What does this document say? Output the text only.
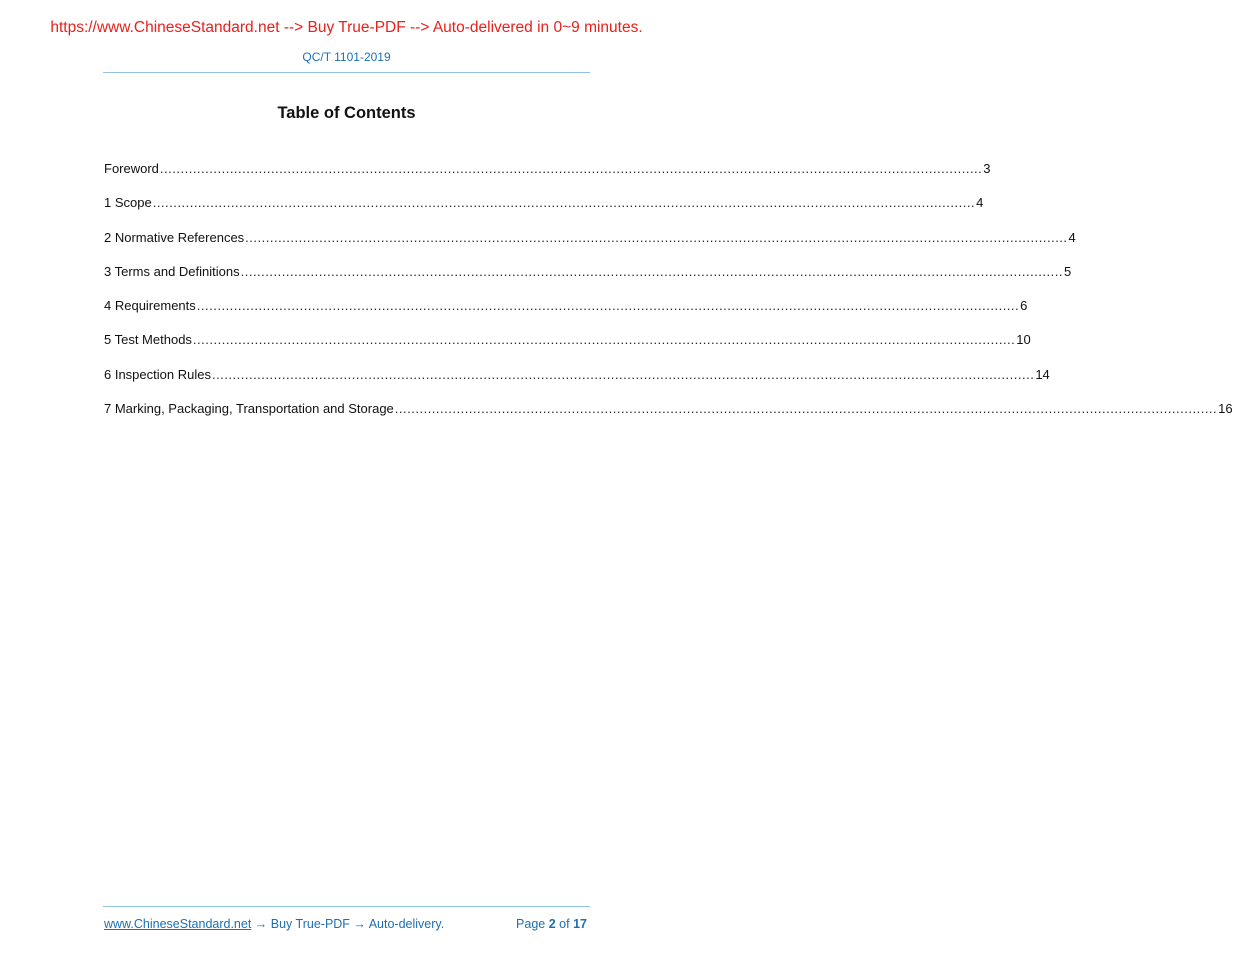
https://www.ChineseStandard.net --> Buy True-PDF --> Auto-delivered in 0~9 minutes.
QC/T 1101-2019
Table of Contents
Foreword ........................................................................................................................................................................................................ 3
1 Scope ........................................................................................................................................................................................................ 4
2 Normative References ........................................................................................................................................................................................................ 4
3 Terms and Definitions ........................................................................................................................................................................................................ 5
4 Requirements ........................................................................................................................................................................................................ 6
5 Test Methods ........................................................................................................................................................................................................ 10
6 Inspection Rules ........................................................................................................................................................................................................ 14
7 Marking, Packaging, Transportation and Storage ........................................................................................................................................................................................................ 16
www.ChineseStandard.net → Buy True-PDF → Auto-delivery.	Page 2 of 17
